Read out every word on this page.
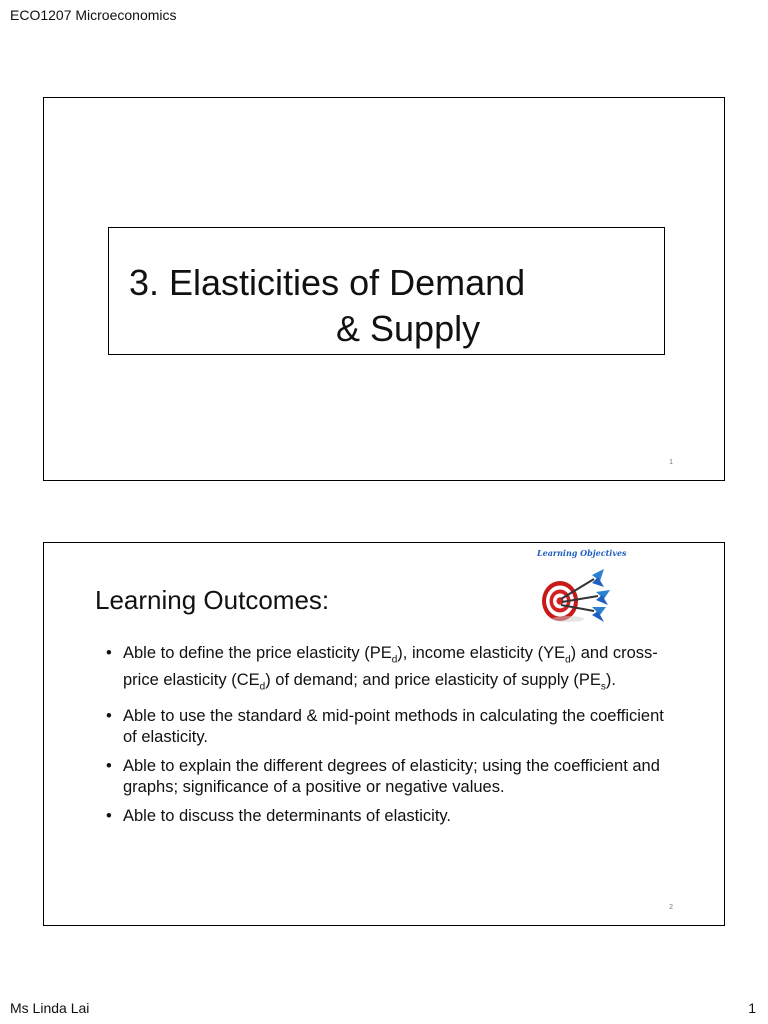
ECO1207 Microeconomics
3. Elasticities of Demand
& Supply
1
Learning Outcomes:
Learning Objectives
• Able to define the price elasticity $(PE_d)$, income elasticity $(YE_d)$ and cross-price elasticity $(CE_d)$ of demand; and price elasticity of supply $(PE_s)$.
• Able to use the standard & mid-point methods in calculating the coefficient of elasticity.
• Able to explain the different degrees of elasticity; using the coefficient and graphs; significance of a positive or negative values.
• Able to discuss the determinants of elasticity.
2
Ms Linda Lai	1
